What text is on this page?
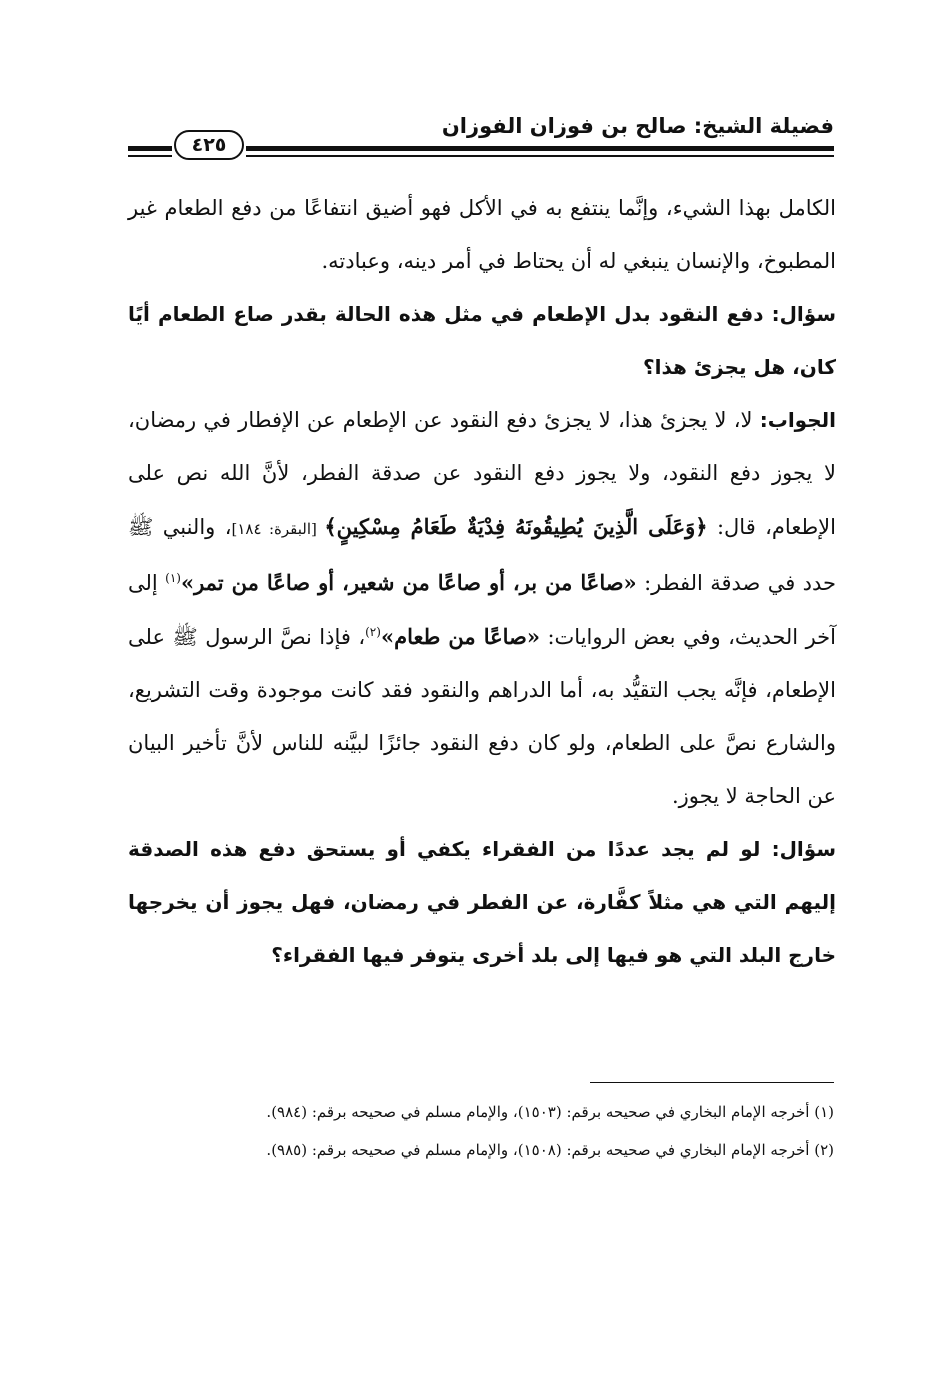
فضيلة الشيخ: صالح بن فوزان الفوزان
٤٢٥

الكامل بهذا الشيء، وإنَّما ينتفع به في الأكل فهو أضيق انتفاعًا من دفع الطعام غير المطبوخ، والإنسان ينبغي له أن يحتاط في أمر دينه، وعبادته.

سؤال: دفع النقود بدل الإطعام في مثل هذه الحالة بقدر صاع الطعام أيًا كان، هل يجزئ هذا؟

الجواب: لا، لا يجزئ هذا، لا يجزئ دفع النقود عن الإطعام عن الإفطار في رمضان، لا يجوز دفع النقود، ولا يجوز دفع النقود عن صدقة الفطر، لأنَّ الله نص على الإطعام، قال: ﴿وَعَلَى الَّذِينَ يُطِيقُونَهُ فِدْيَةٌ طَعَامُ مِسْكِينٍ﴾ [البقرة: ١٨٤]، والنبي ﷺ حدد في صدقة الفطر: «صاعًا من بر، أو صاعًا من شعير، أو صاعًا من تمر»$^{(١)}$ إلى آخر الحديث، وفي بعض الروايات: «صاعًا من طعام»$^{(٢)}$، فإذا نصَّ الرسول ﷺ على الإطعام، فإنَّه يجب التقيُّد به، أما الدراهم والنقود فقد كانت موجودة وقت التشريع، والشارع نصَّ على الطعام، ولو كان دفع النقود جائزًا لبيَّنه للناس لأنَّ تأخير البيان عن الحاجة لا يجوز.

سؤال: لو لم يجد عددًا من الفقراء يكفي أو يستحق دفع هذه الصدقة إليهم التي هي مثلاً كفَّارة، عن الفطر في رمضان، فهل يجوز أن يخرجها خارج البلد التي هو فيها إلى بلد أخرى يتوفر فيها الفقراء؟

(١) أخرجه الإمام البخاري في صحيحه برقم: (١٥٠٣)، والإمام مسلم في صحيحه برقم: (٩٨٤).

(٢) أخرجه الإمام البخاري في صحيحه برقم: (١٥٠٨)، والإمام مسلم في صحيحه برقم: (٩٨٥).
